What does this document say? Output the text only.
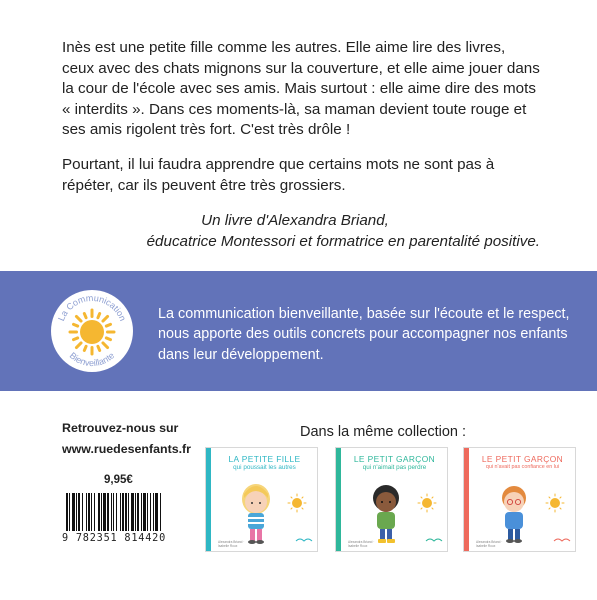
Inès est une petite fille comme les autres. Elle aime lire des livres, ceux avec des chats mignons sur la couverture, et elle aime jouer dans la cour de l'école avec ses amis. Mais surtout : elle aime dire des mots « interdits ». Dans ces moments-là, sa maman devient toute rouge et ses amis rigolent très fort. C'est très drôle !

Pourtant, il lui faudra apprendre que certains mots ne sont pas à répéter, car ils peuvent être très grossiers.

Un livre d'Alexandra Briand,
éducatrice Montessori et formatrice en parentalité positive.
La Communication
Bienveillante
La communication bienveillante, basée sur l'écoute et le respect, nous apporte des outils concrets pour accompagner nos enfants dans leur développement.
Retrouvez-nous sur
www.ruedesenfants.fr
9,95€
9 782351 814420
Dans la même collection :
LA PETITE FILLE
qui poussait les autres
Alexandra Briand · Isabelle Roux
LE PETIT GARÇON
qui n'aimait pas perdre
Alexandra Briand · Isabelle Roux
LE PETIT GARÇON
qui n'avait pas confiance en lui
Alexandra Briand · Isabelle Roux
